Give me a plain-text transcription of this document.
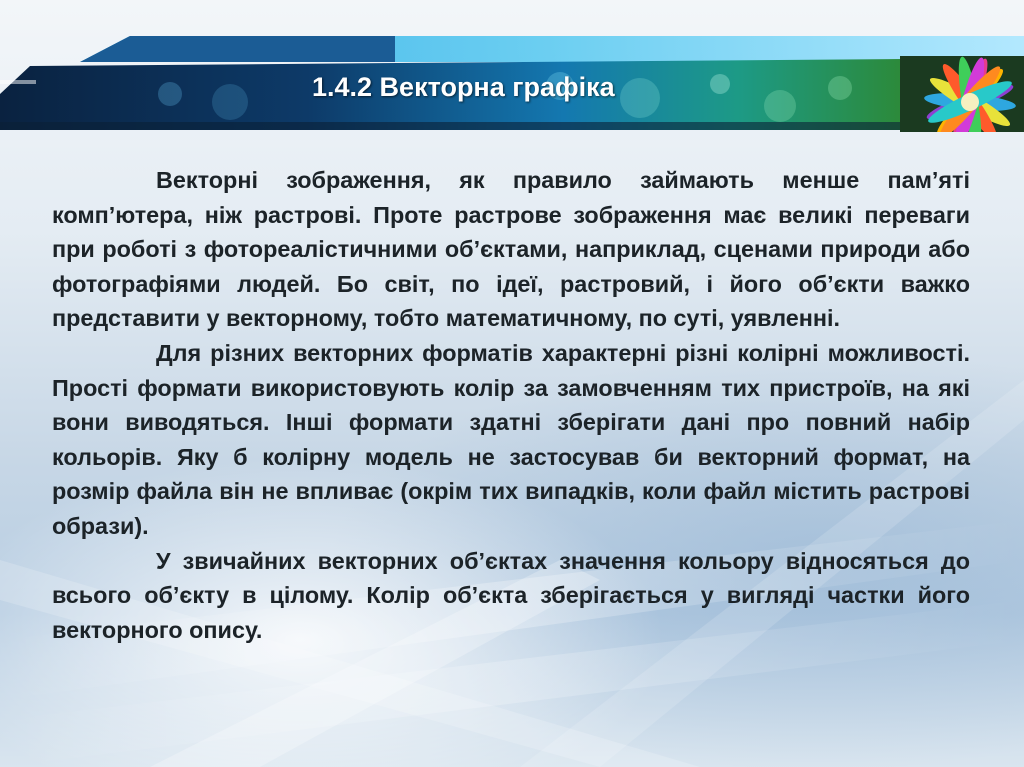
1.4.2 Векторна графіка

Векторні зображення, як правило займають менше пам’яті комп’ютера, ніж растрові. Проте растрове зображення має великі переваги при роботі з фотореалістичними об’єктами, наприклад, сценами природи або фотографіями людей. Бо світ, по ідеї, растровий, і його об’єкти важко представити у векторному, тобто математичному, по суті, уявленні.

Для різних векторних форматів характерні різні колірні можливості. Прості формати використовують колір за замовченням тих пристроїв, на які вони виводяться. Інші формати здатні зберігати дані про повний набір кольорів. Яку б колірну модель не застосував би векторний формат, на розмір файла він не впливає (окрім тих випадків, коли файл містить растрові образи).

У звичайних векторних об’єктах значення кольору відносяться до всього об’єкту в цілому. Колір об’єкта зберігається у вигляді частки його векторного опису.
